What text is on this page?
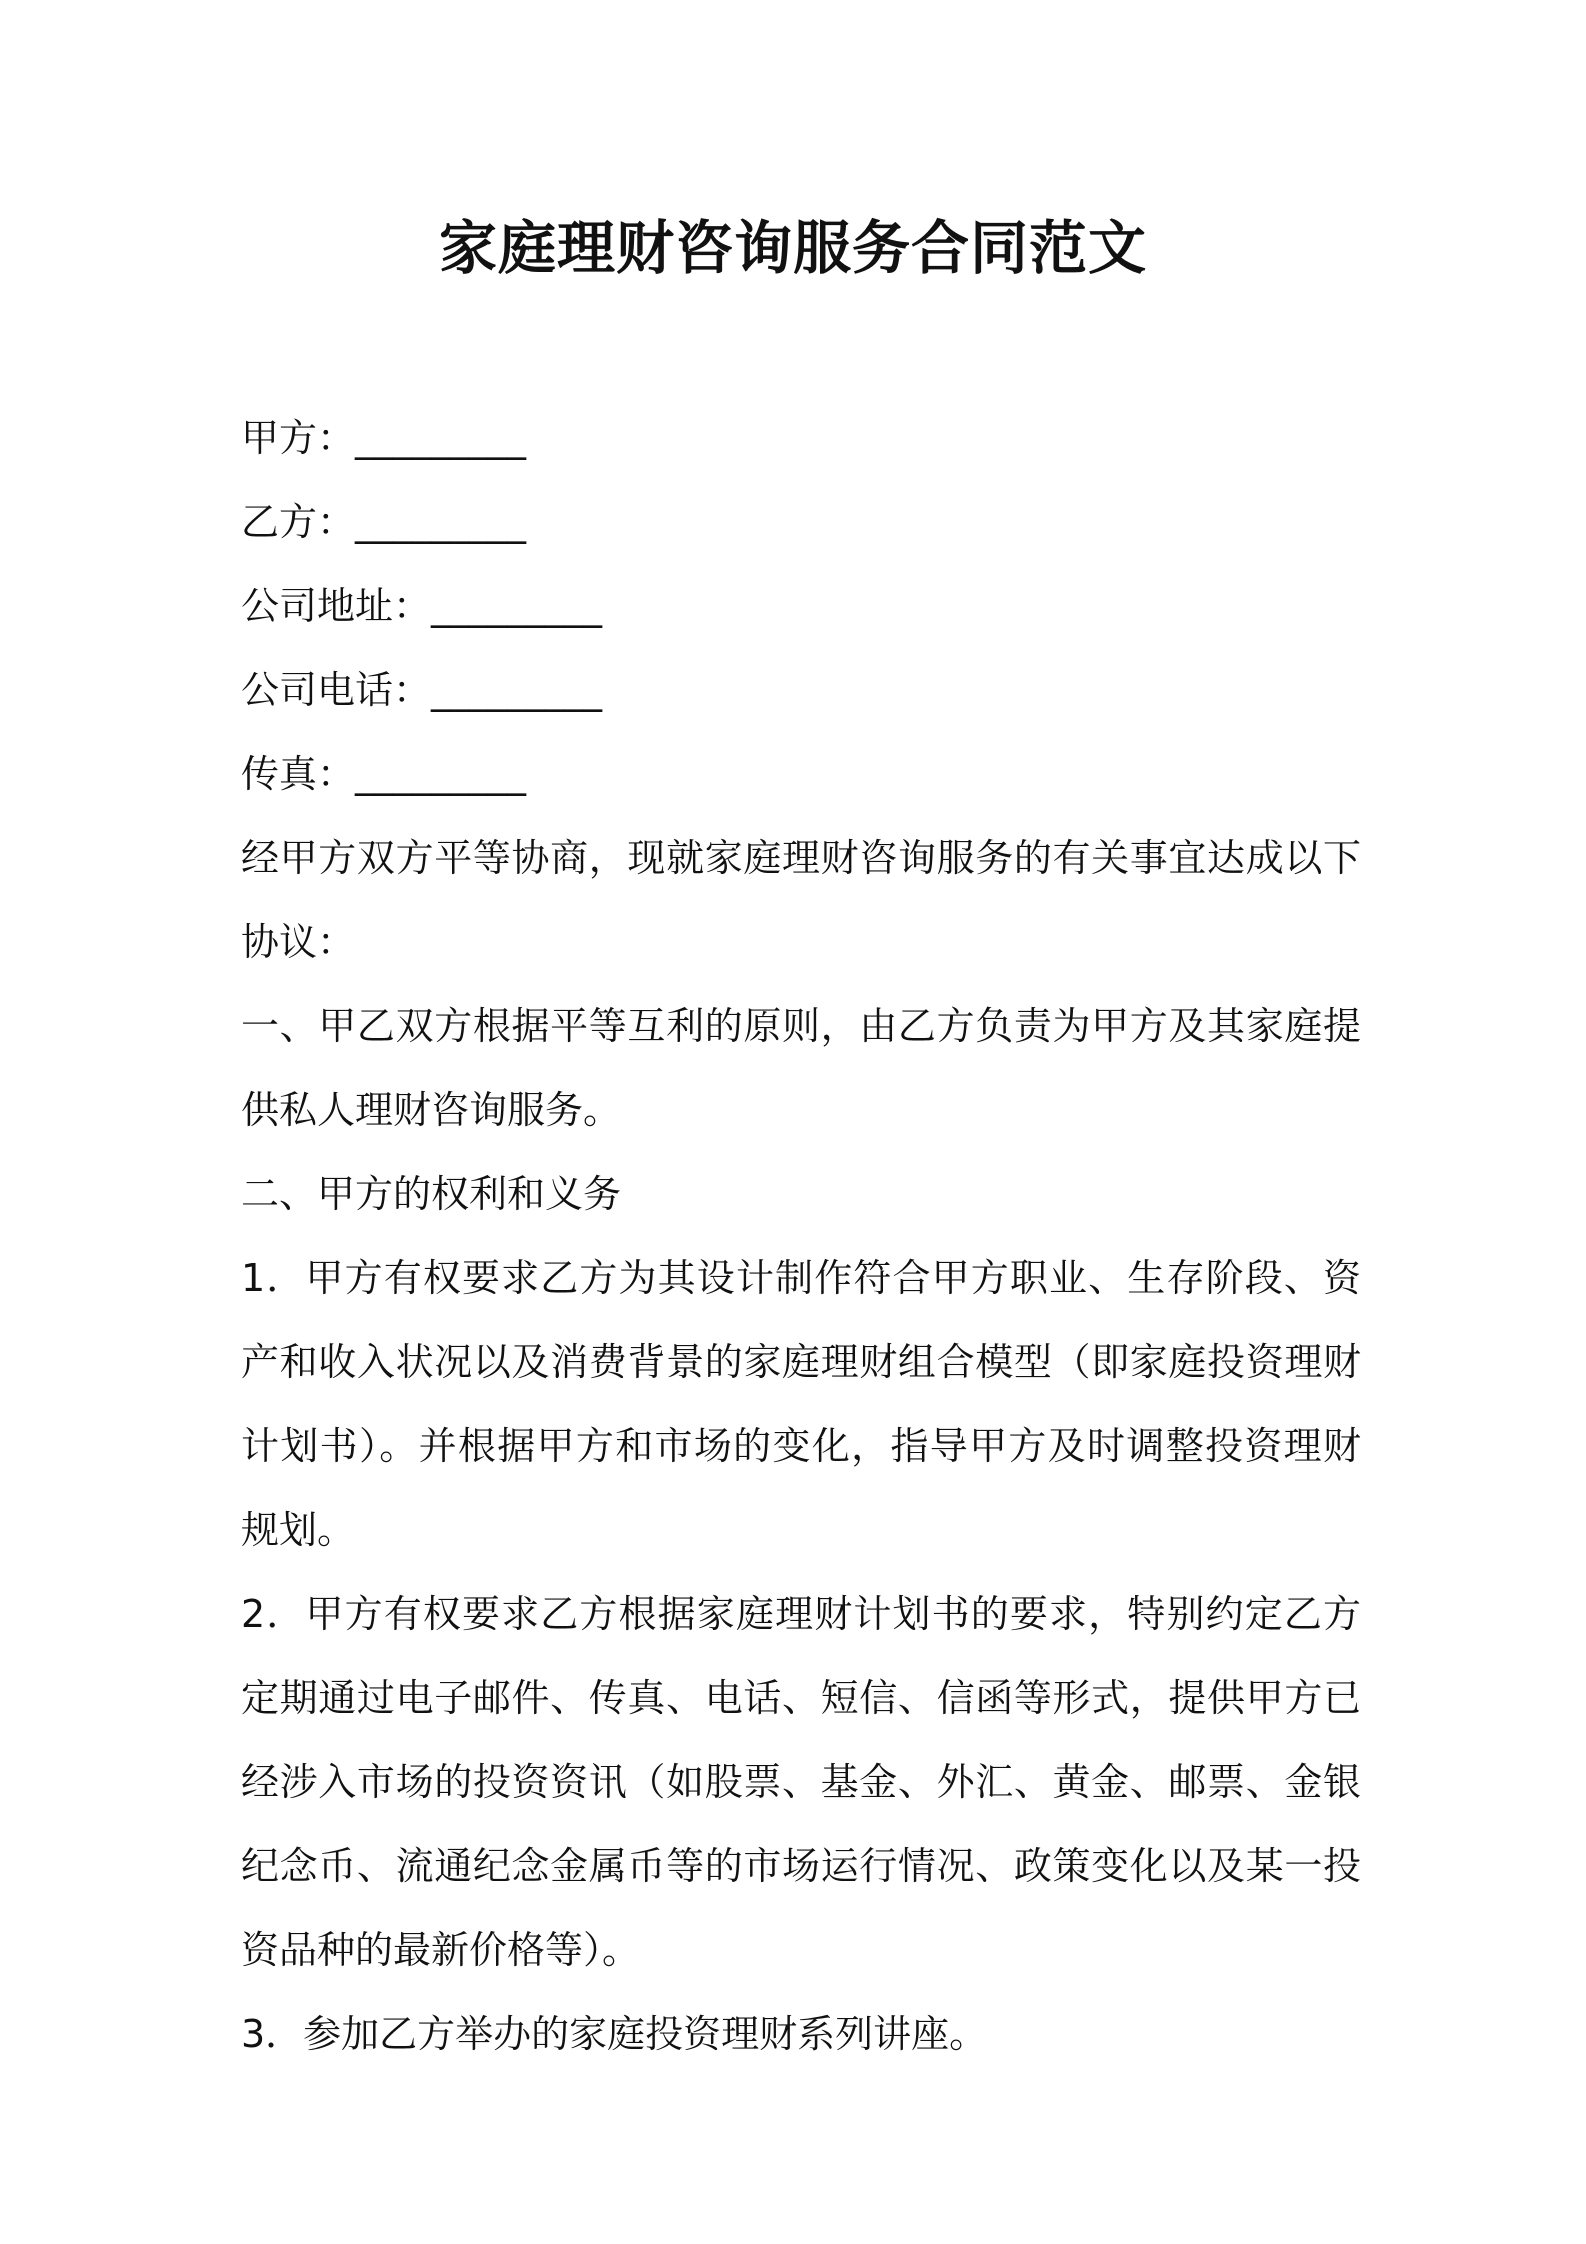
家庭理财咨询服务合同范文

甲方：_________

乙方：_________

公司地址：_________

公司电话：_________

传真：_________

经甲方双方平等协商，现就家庭理财咨询服务的有关事宜达成以下协议：

一、甲乙双方根据平等互利的原则，由乙方负责为甲方及其家庭提供私人理财咨询服务。

二、甲方的权利和义务

1．甲方有权要求乙方为其设计制作符合甲方职业、生存阶段、资产和收入状况以及消费背景的家庭理财组合模型（即家庭投资理财计划书）。并根据甲方和市场的变化，指导甲方及时调整投资理财规划。

2．甲方有权要求乙方根据家庭理财计划书的要求，特别约定乙方定期通过电子邮件、传真、电话、短信、信函等形式，提供甲方已经涉入市场的投资资讯（如股票、基金、外汇、黄金、邮票、金银纪念币、流通纪念金属币等的市场运行情况、政策变化以及某一投资品种的最新价格等）。

3．参加乙方举办的家庭投资理财系列讲座。
